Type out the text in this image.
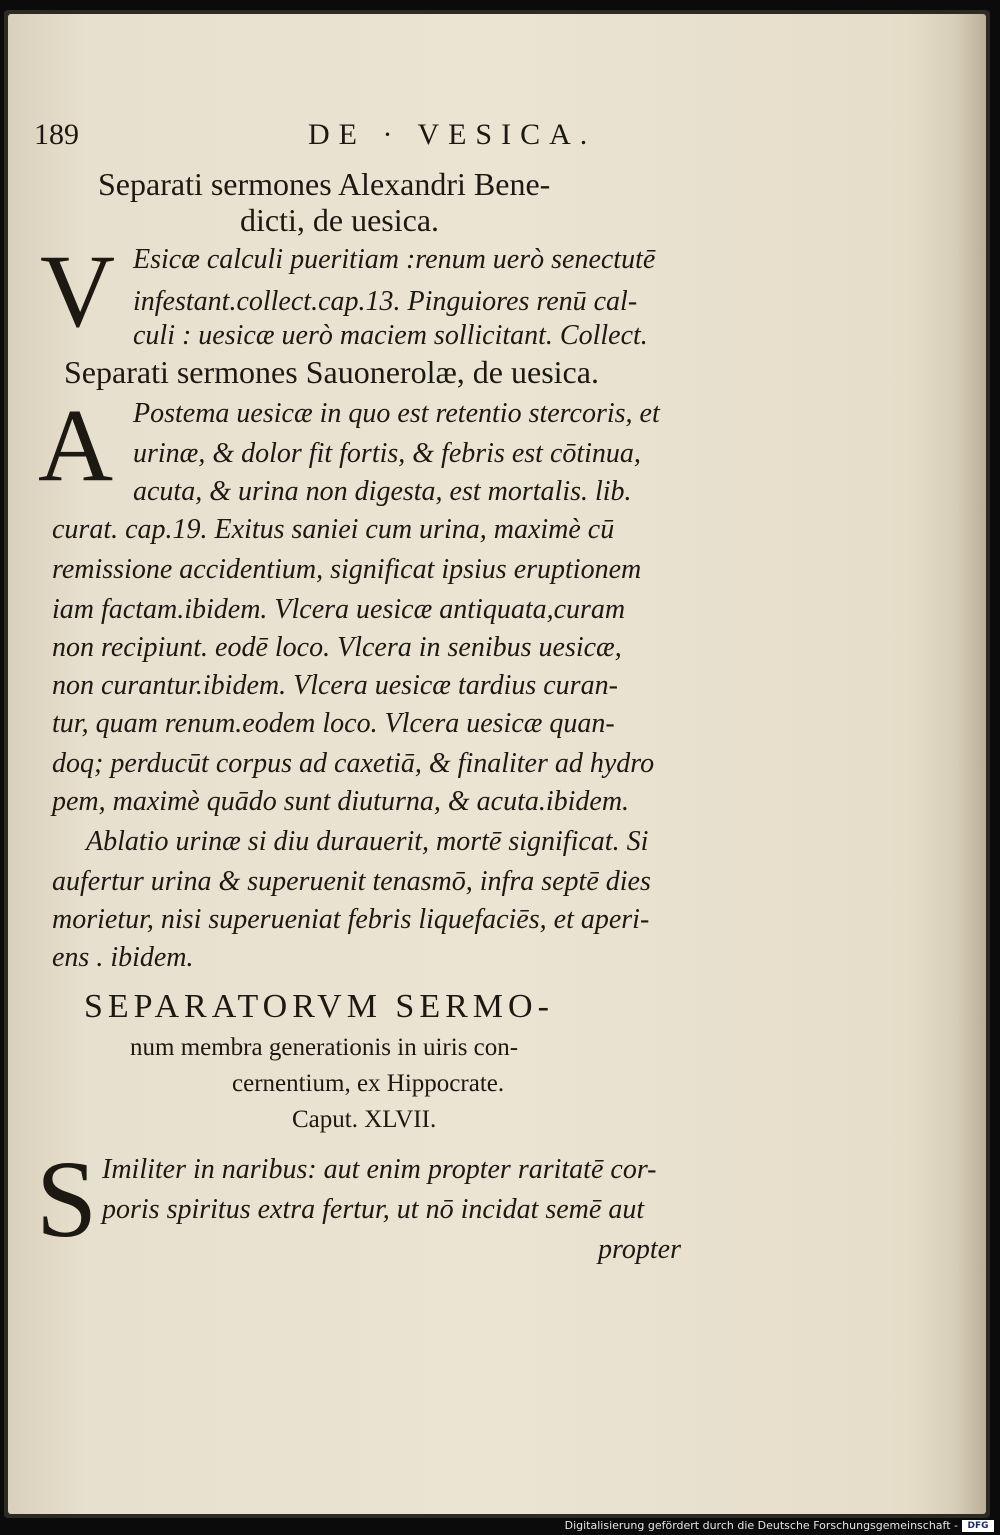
189	DE · VESICA.
Separati sermones Alexandri Bene-
dicti, de uesica.
V Esicæ calculi pueritiam :renum uerò senectutē
infestant.collect.cap.13. Pinguiores renū cal-
culi : uesicæ uerò maciem sollicitant. Collect.
Separati sermones Sauonerolæ, de uesica.
A Postema uesicæ in quo est retentio stercoris, et
urinæ, & dolor fit fortis, & febris est cōtinua,
acuta, & urina non digesta, est mortalis. lib.
curat. cap.19. Exitus saniei cum urina, maximè cū
remissione accidentium, significat ipsius eruptionem
iam factam.ibidem. Vlcera uesicæ antiquata,curam
non recipiunt. eodē loco. Vlcera in senibus uesicæ,
non curantur.ibidem. Vlcera uesicæ tardius curan-
tur, quam renum.eodem loco. Vlcera uesicæ quan-
doq; perducūt corpus ad caxetiā, & finaliter ad hydro
pem, maximè quādo sunt diuturna, & acuta.ibidem.
Ablatio urinæ si diu durauerit, mortē significat. Si
aufertur urina & superuenit tenasmō, infra septē dies
morietur, nisi superueniat febris liquefaciēs, et aperi-
ens . ibidem.
SEPARATORVM SERMO-
num membra generationis in uiris con-
cernentium, ex Hippocrate.
Caput. XLVII.
S Imiliter in naribus: aut enim propter raritatē cor-
poris spiritus extra fertur, ut nō incidat semē aut
propter
Digitalisierung gefördert durch die Deutsche Forschungsgemeinschaft -	DFG
